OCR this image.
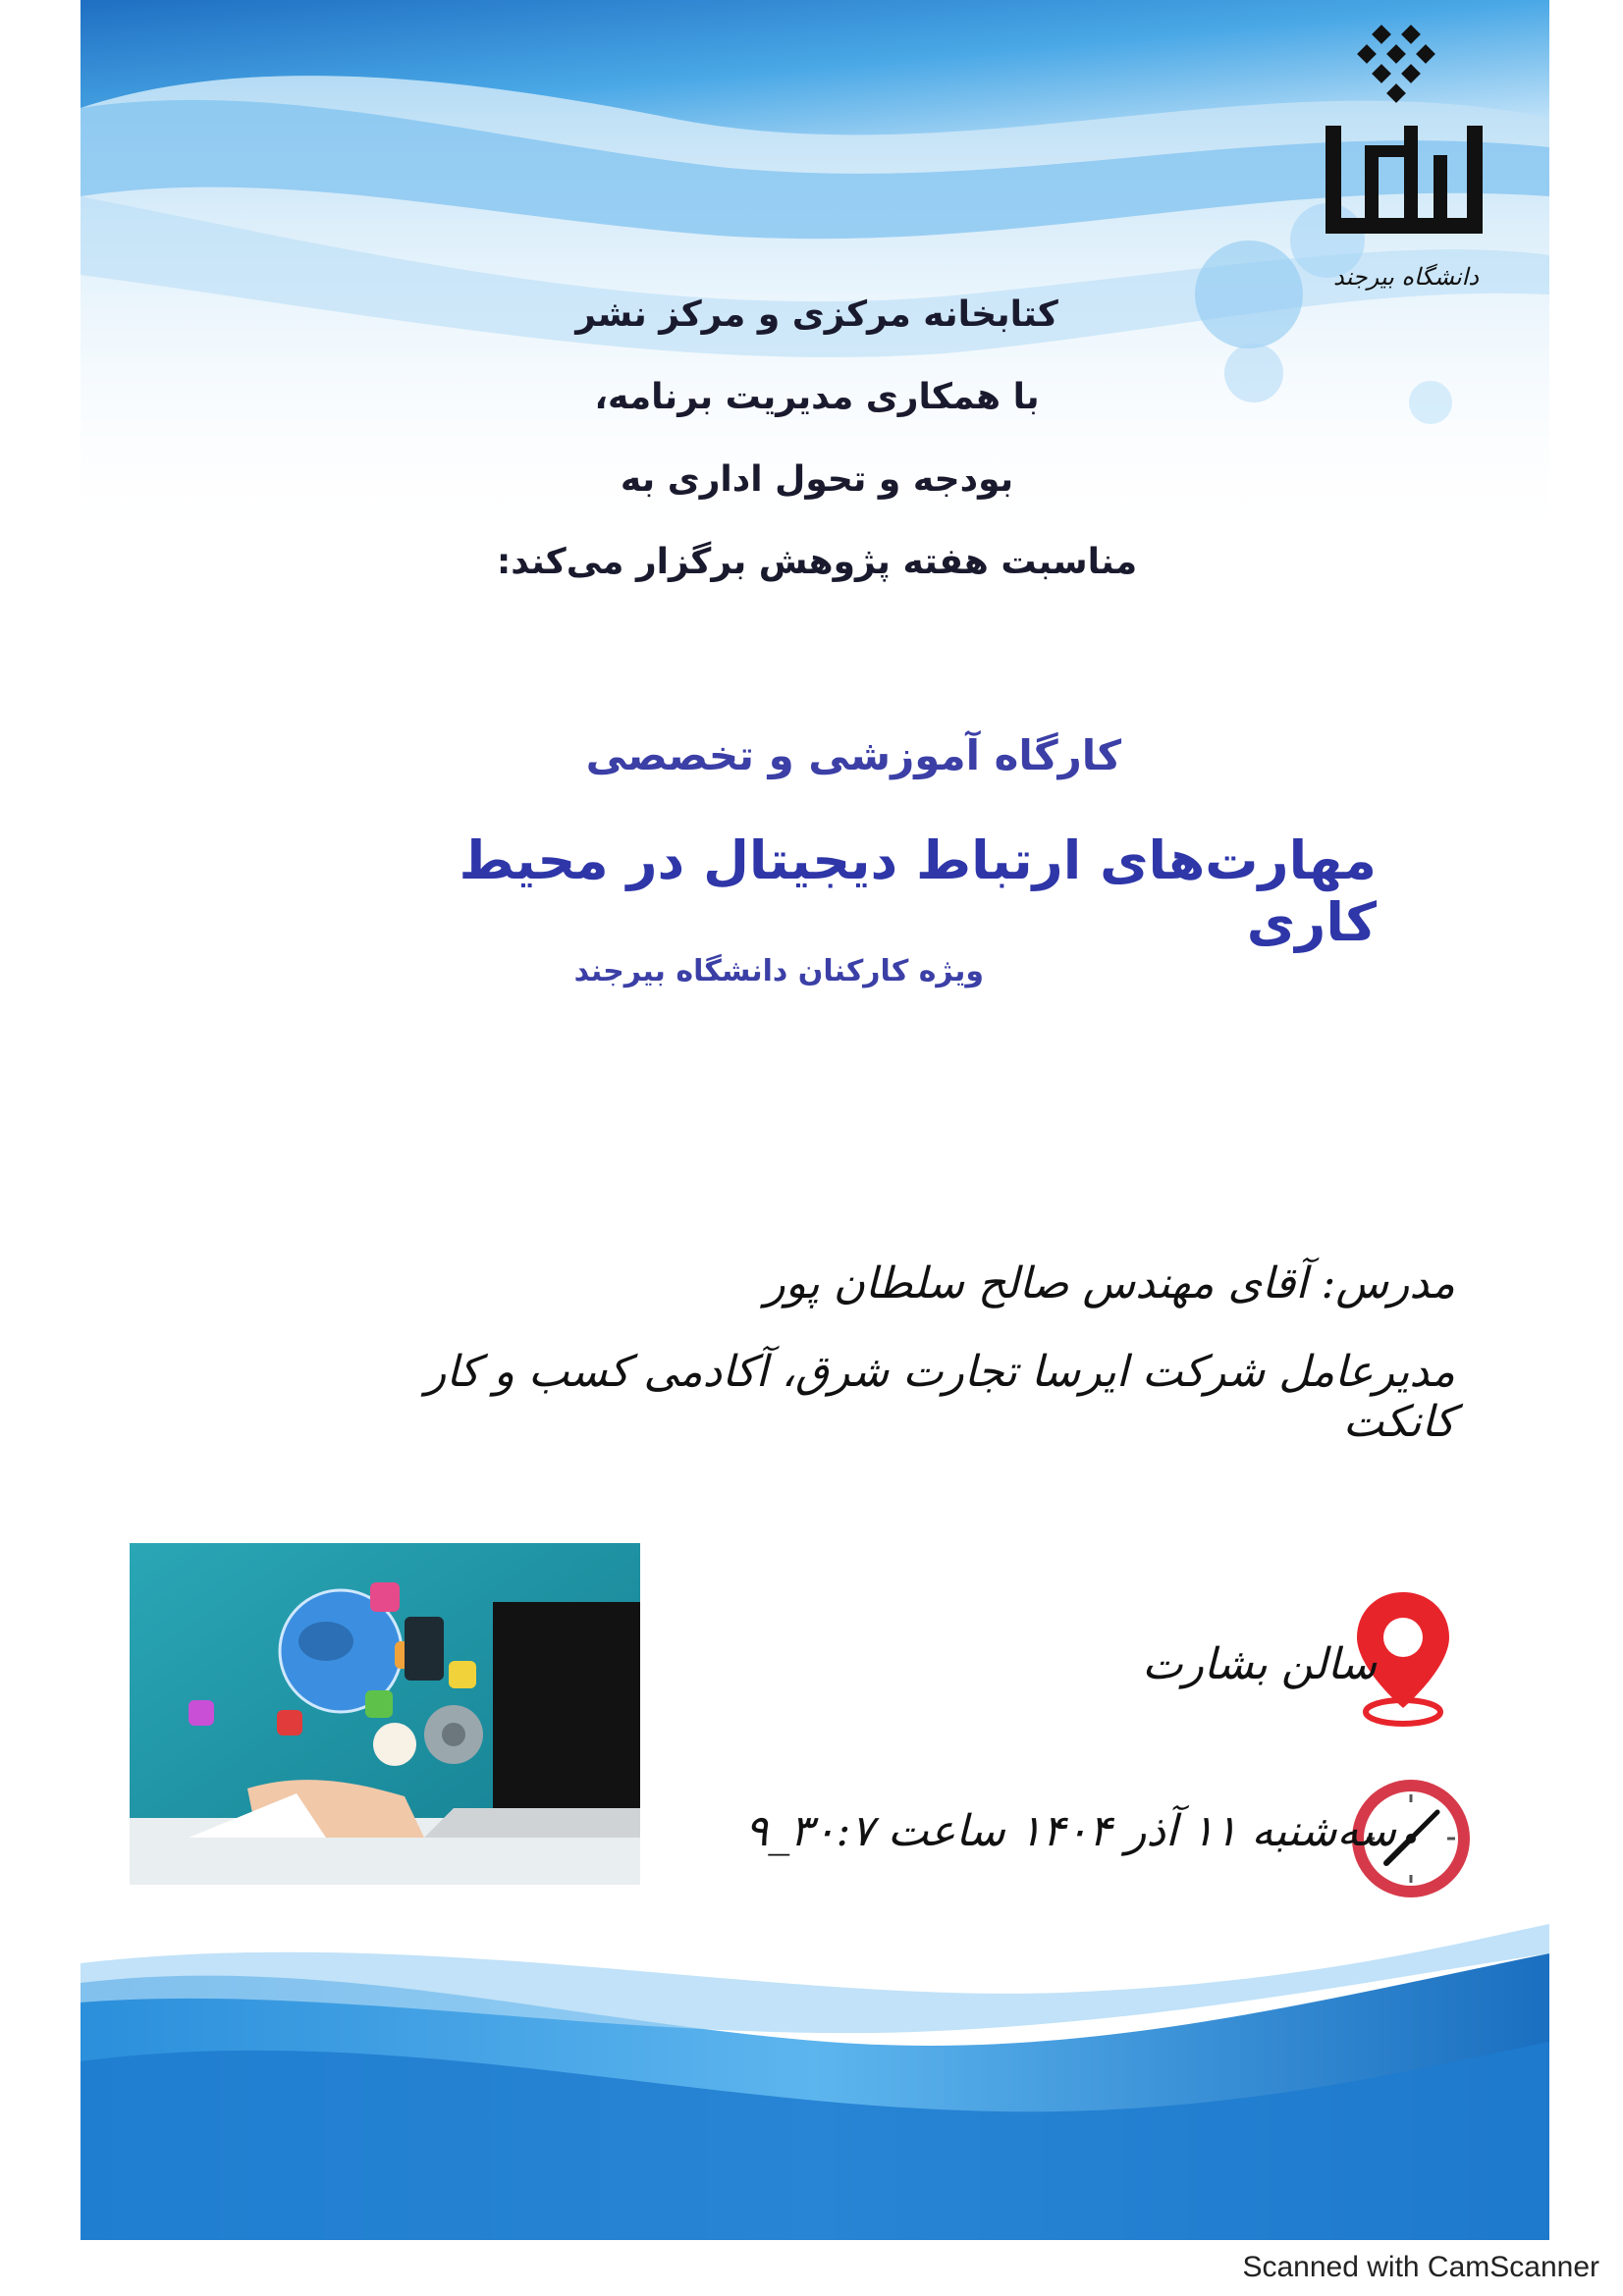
دانشگاه بیرجند
کتابخانه مرکزی و مرکز نشر
با همکاری مدیریت برنامه،
بودجه و تحول اداری به
مناسبت هفته پژوهش برگزار می‌کند:
کارگاه آموزشی و تخصصی
مهارت‌های ارتباط دیجیتال در محیط کاری
ویژه کارکنان دانشگاه بیرجند
مدرس: آقای مهندس صالح سلطان پور
مدیرعامل شرکت ایرسا تجارت شرق، آکادمی کسب و کار کانکت
سالن بشارت
سه‌شنبه ۱۱ آذر ۱۴۰۴ ساعت ۳۰:۷_۹
Scanned with CamScanner
